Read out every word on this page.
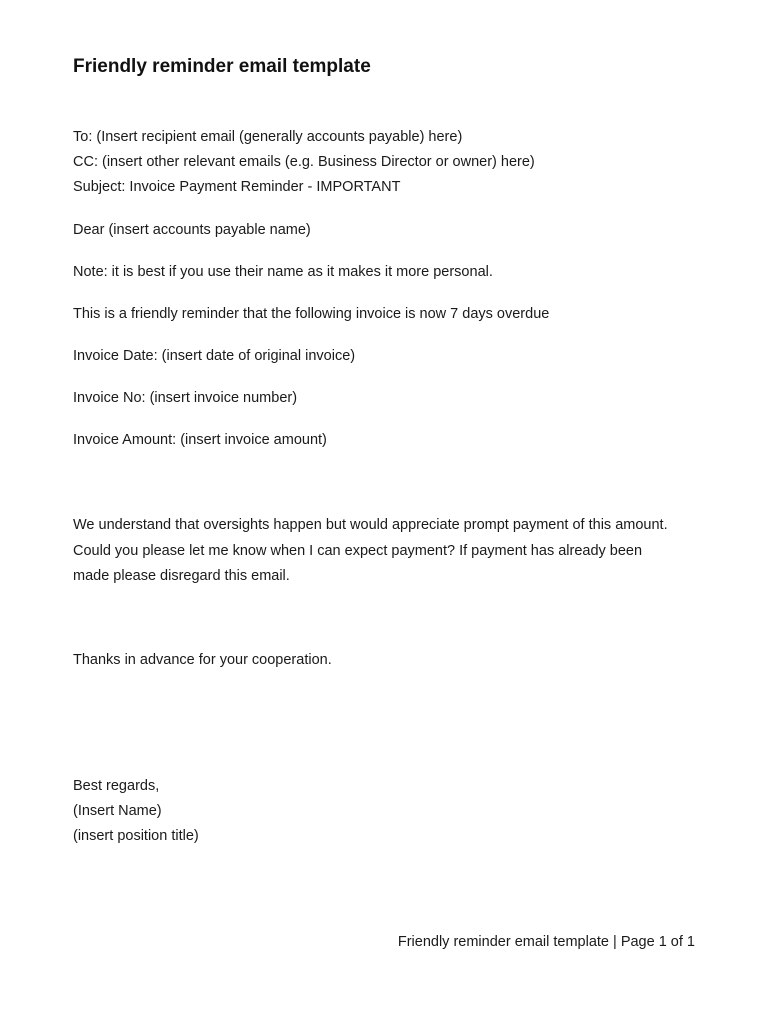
Friendly reminder email template
To: (Insert recipient email (generally accounts payable) here)
CC: (insert other relevant emails (e.g. Business Director or owner) here)
Subject: Invoice Payment Reminder - IMPORTANT
Dear (insert accounts payable name)
Note: it is best if you use their name as it makes it more personal.
This is a friendly reminder that the following invoice is now 7 days overdue
Invoice Date: (insert date of original invoice)
Invoice No: (insert invoice number)
Invoice Amount: (insert invoice amount)
We understand that oversights happen but would appreciate prompt payment of this amount. Could you please let me know when I can expect payment? If payment has already been made please disregard this email.
Thanks in advance for your cooperation.
Best regards,
(Insert Name)
(insert position title)
Friendly reminder email template | Page 1 of 1
